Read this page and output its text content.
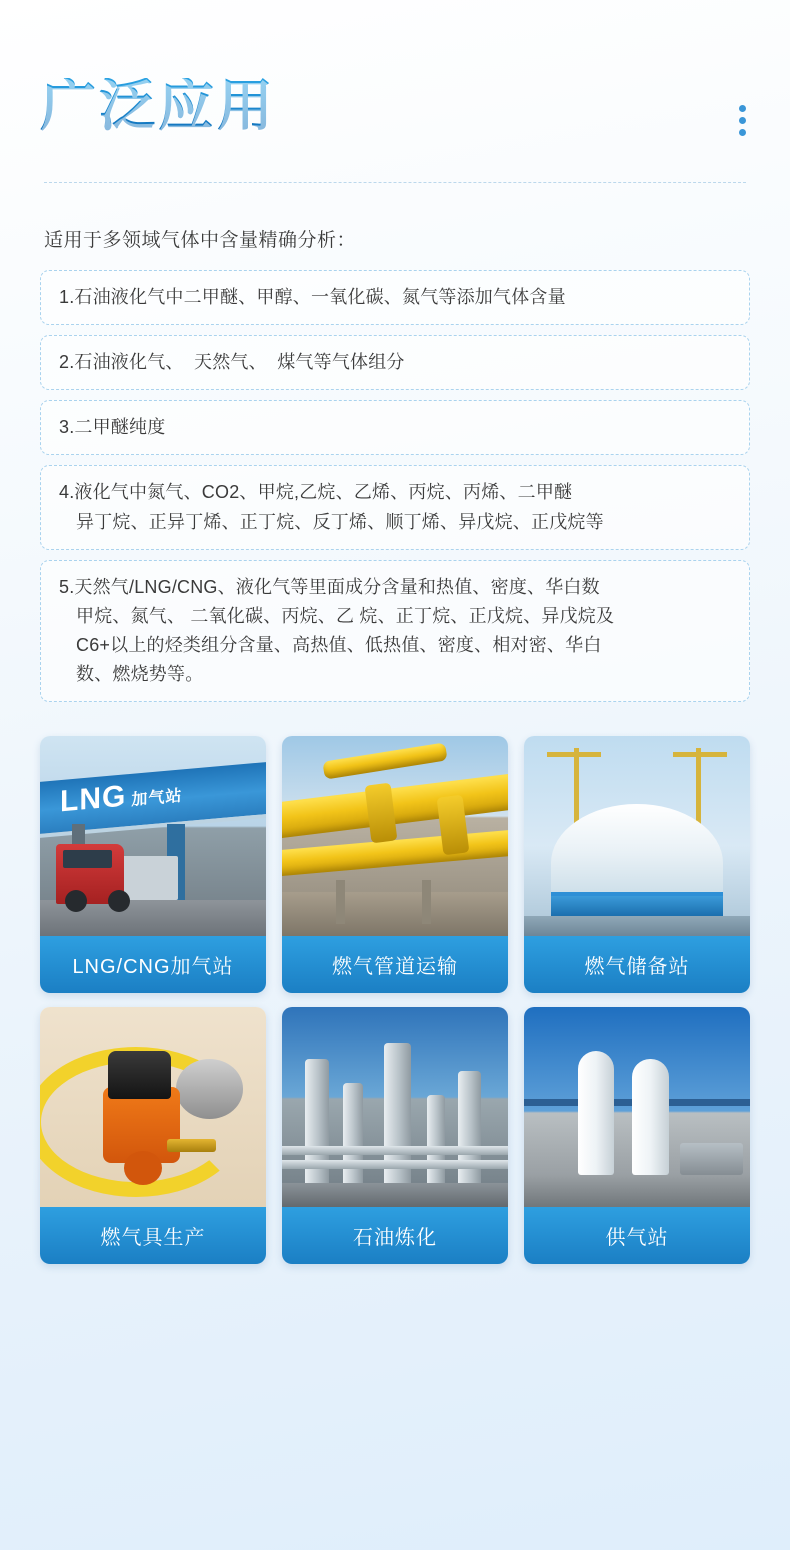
广泛应用
适用于多领域气体中含量精确分析：
1.石油液化气中二甲醚、甲醇、一氧化碳、氮气等添加气体含量
2.石油液化气、  天然气、  煤气等气体组分
3.二甲醚纯度
4.液化气中氮气、CO2、甲烷,乙烷、乙烯、丙烷、丙烯、二甲醚
异丁烷、正异丁烯、正丁烷、反丁烯、顺丁烯、异戊烷、正戊烷等
5.天然气/LNG/CNG、液化气等里面成分含量和热值、密度、华白数
甲烷、氮气、 二氧化碳、丙烷、乙 烷、正丁烷、正戊烷、异戊烷及
C6+以上的烃类组分含量、高热值、低热值、密度、相对密、华白
数、燃烧势等。
LNG 加气站
LNG/CNG加气站	燃气管道运输	燃气储备站
燃气具生产	石油炼化	供气站
